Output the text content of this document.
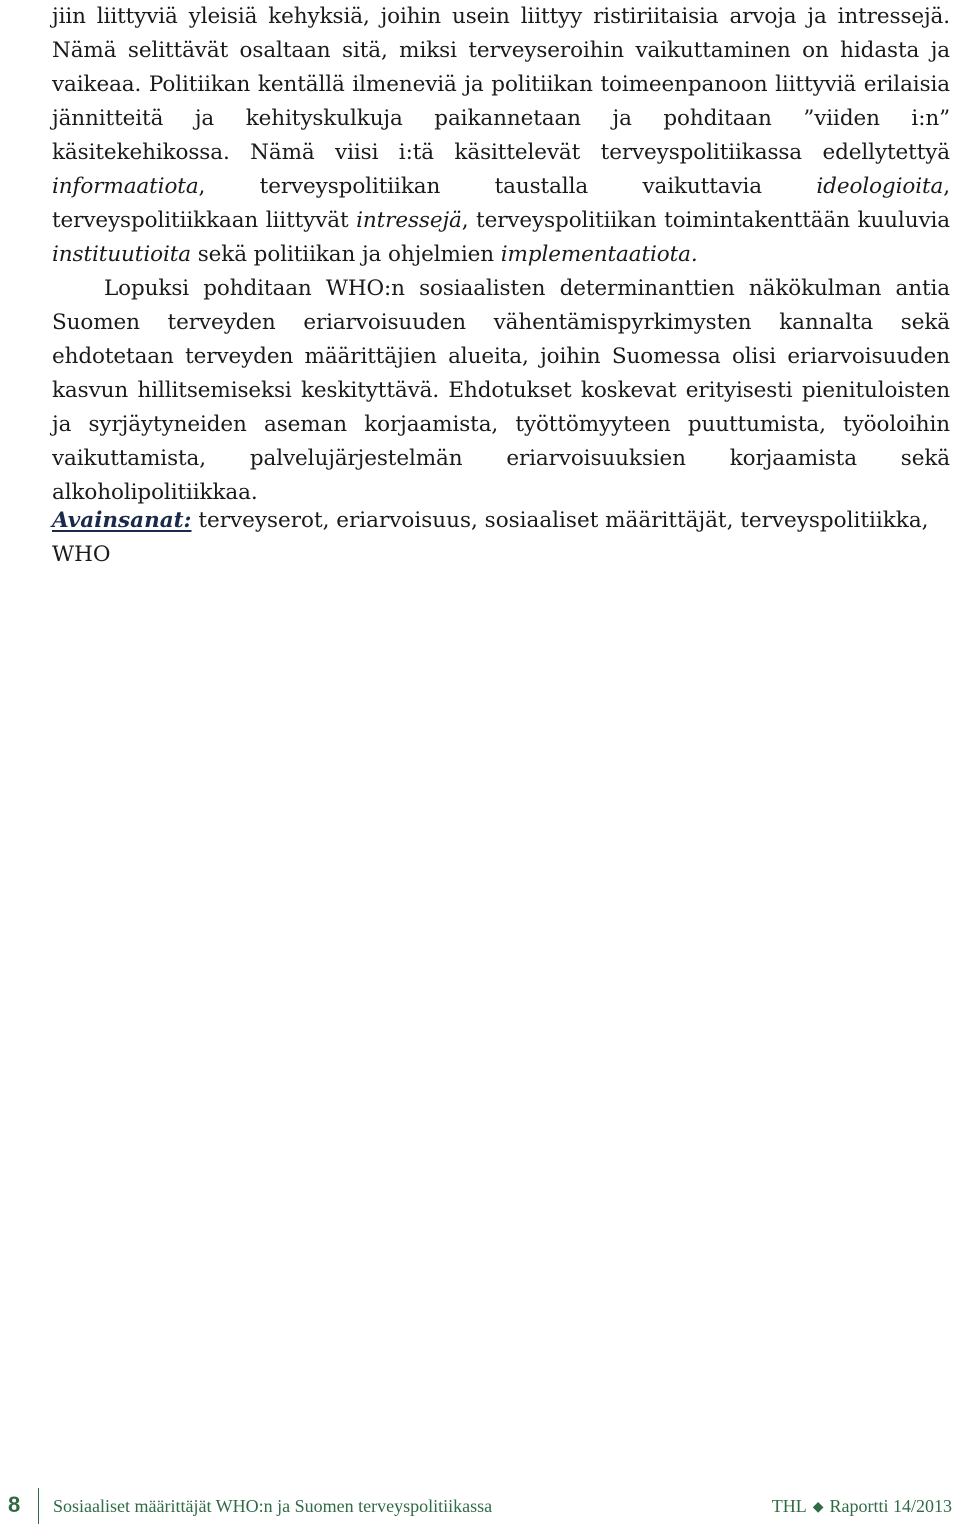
jiin liittyviä yleisiä kehyksiä, joihin usein liittyy ristiriitaisia arvoja ja intressejä. Nämä selittävät osaltaan sitä, miksi terveyseroihin vaikuttaminen on hidasta ja vaikeaa. Politiikan kentällä ilmeneviä ja politiikan toimeenpanoon liittyviä erilaisia jännitteitä ja kehityskulkuja paikannetaan ja pohditaan ”viiden i:n” käsitekehikossa. Nämä viisi i:tä käsittelevät terveyspolitiikassa edellytettyä informaatiota, terveyspolitiikan taustalla vaikuttavia ideologioita, terveyspolitiikkaan liittyvät intressejä, terveyspolitiikan toimintakenttään kuuluvia instituutioita sekä politiikan ja ohjelmien implementaatiota.

Lopuksi pohditaan WHO:n sosiaalisten determinanttien näkökulman antia Suomen terveyden eriarvoisuuden vähentämispyrkimysten kannalta sekä ehdotetaan terveyden määrittäjien alueita, joihin Suomessa olisi eriarvoisuuden kasvun hillitsemiseksi keskityttävä. Ehdotukset koskevat erityisesti pienituloisten ja syrjäytyneiden aseman korjaamista, työttömyyteen puuttumista, työoloihin vaikuttamista, palvelujärjestelmän eriarvoisuuksien korjaamista sekä alkoholipolitiikkaa.

Avainsanat: terveyserot, eriarvoisuus, sosiaaliset määrittäjät, terveyspolitiikka, WHO
8 Sosiaaliset määrittäjät WHO:n ja Suomen terveyspolitiikassa	THL ◆ Raportti 14/2013
